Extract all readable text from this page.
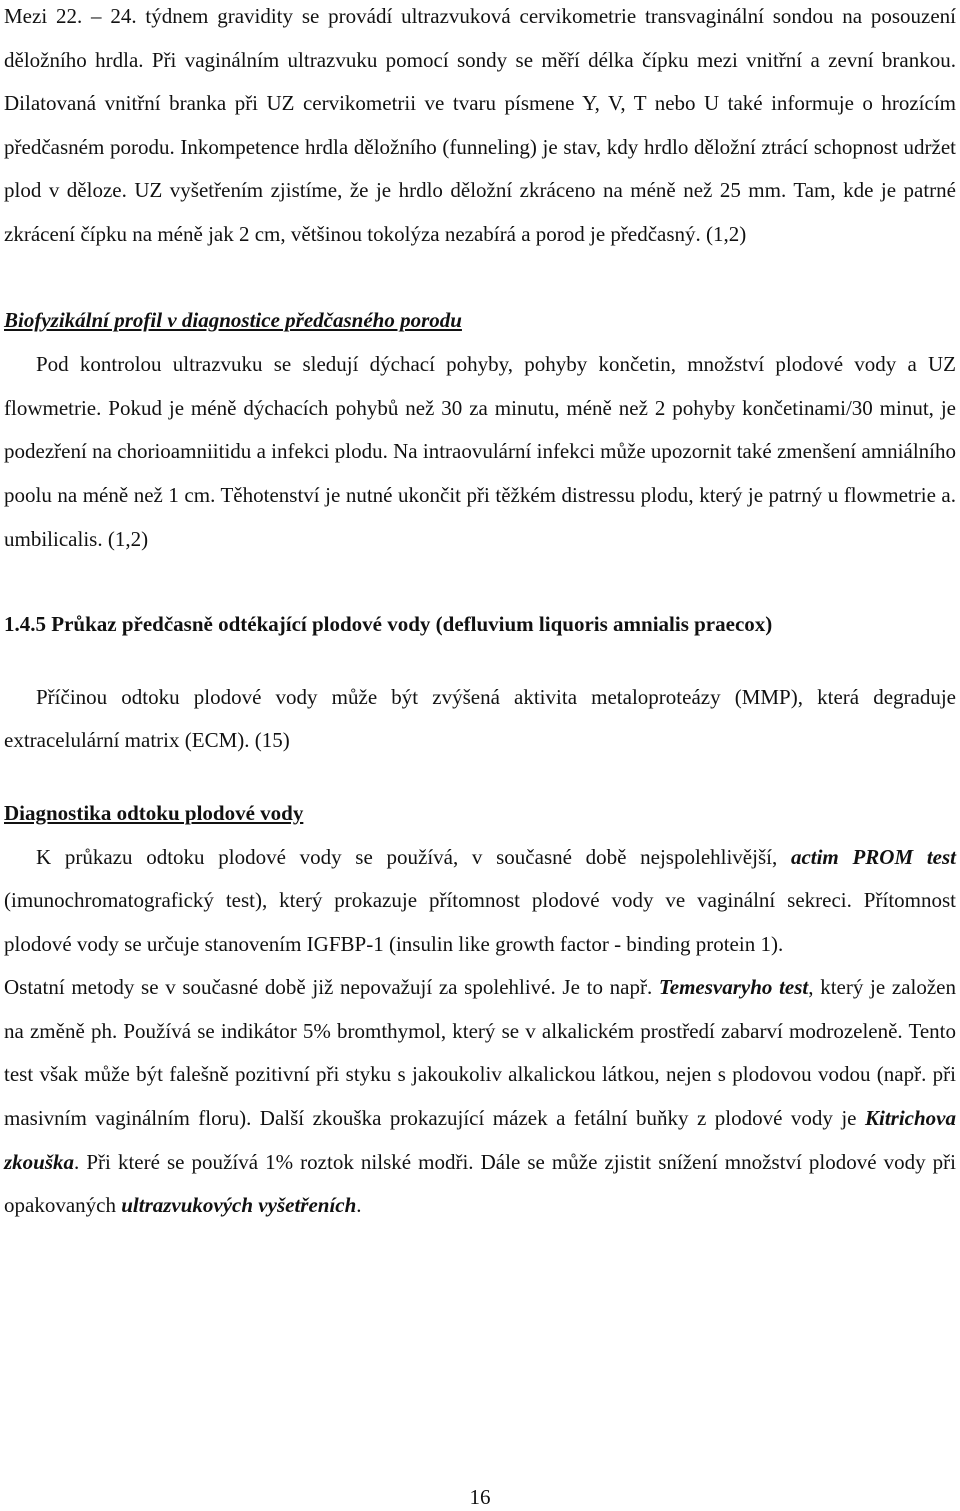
Mezi 22. – 24. týdnem gravidity se provádí ultrazvuková cervikometrie transvaginální sondou na posouzení děložního hrdla. Při vaginálním ultrazvuku pomocí sondy se měří délka čípku mezi vnitřní a zevní brankou. Dilatovaná vnitřní branka při UZ cervikometrii ve tvaru písmene Y, V, T nebo U také informuje o hrozícím předčasném porodu. Inkompetence hrdla děložního (funneling) je stav, kdy hrdlo děložní ztrácí schopnost udržet plod v děloze. UZ vyšetřením zjistíme, že je hrdlo děložní zkráceno na méně než 25 mm. Tam, kde je patrné zkrácení čípku na méně jak 2 cm, většinou tokolýza nezabírá a porod je předčasný. (1,2)

Biofyzikální profil v diagnostice předčasného porodu

Pod kontrolou ultrazvuku se sledují dýchací pohyby, pohyby končetin, množství plodové vody a UZ flowmetrie. Pokud je méně dýchacích pohybů než 30 za minutu, méně než 2 pohyby končetinami/30 minut, je podezření na chorioamniitidu a infekci plodu. Na intraovulární infekci může upozornit také zmenšení amniálního poolu na méně než 1 cm. Těhotenství je nutné ukončit při těžkém distressu plodu, který je patrný u flowmetrie a. umbilicalis. (1,2)

1.4.5 Průkaz předčasně odtékající plodové vody (defluvium liquoris amnialis praecox)

Příčinou odtoku plodové vody může být zvýšená aktivita metaloproteázy (MMP), která degraduje extracelulární matrix (ECM). (15)

Diagnostika odtoku plodové vody

K průkazu odtoku plodové vody se používá, v současné době nejspolehlivější, actim PROM test (imunochromatografický test), který prokazuje přítomnost plodové vody ve vaginální sekreci. Přítomnost plodové vody se určuje stanovením IGFBP-1 (insulin like growth factor - binding protein 1).

Ostatní metody se v současné době již nepovažují za spolehlivé. Je to např. Temesvaryho test, který je založen na změně ph. Používá se indikátor 5% bromthymol, který se v alkalickém prostředí zabarví modrozeleně. Tento test však může být falešně pozitivní při styku s jakoukoliv alkalickou látkou, nejen s plodovou vodou (např. při masivním vaginálním floru). Další zkouška prokazující mázek a fetální buňky z plodové vody je Kitrichova zkouška. Při které se používá 1% roztok nilské modři. Dále se může zjistit snížení množství plodové vody při opakovaných ultrazvukových vyšetřeních.

16
